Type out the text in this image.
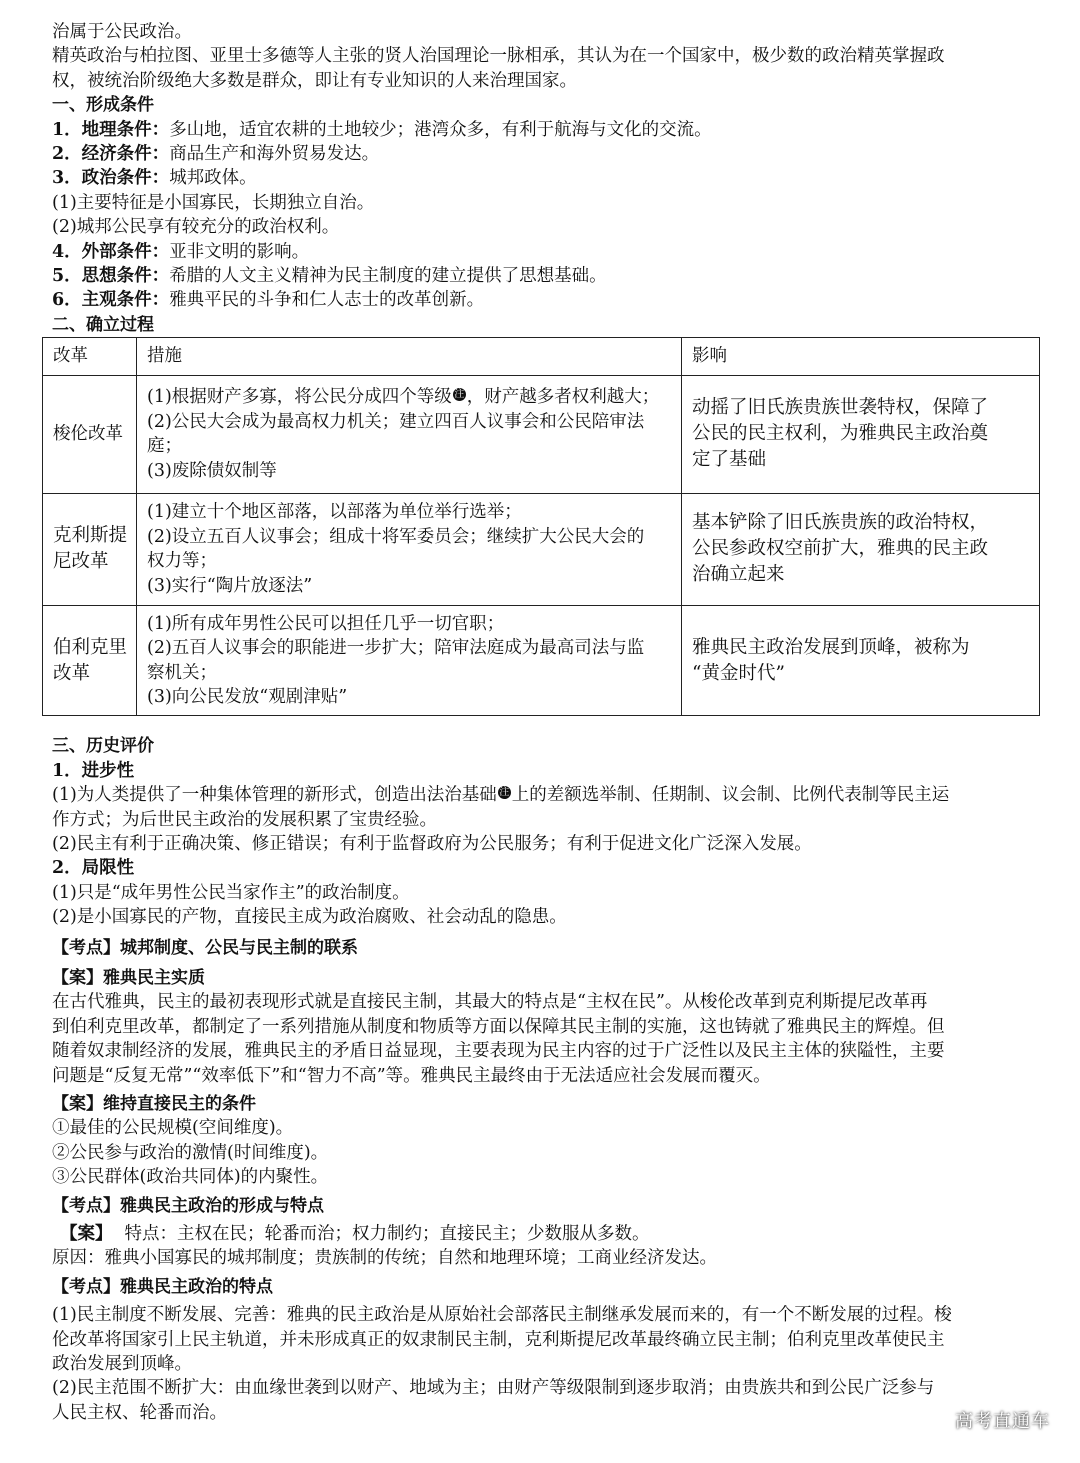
治属于公民政治。
精英政治与柏拉图、亚里士多德等人主张的贤人治国理论一脉相承，其认为在一个国家中，极少数的政治精英掌握政
权，被统治阶级绝大多数是群众，即让有专业知识的人来治理国家。
一、形成条件
1．地理条件：多山地，适宜农耕的土地较少；港湾众多，有利于航海与文化的交流。
2．经济条件：商品生产和海外贸易发达。
3．政治条件：城邦政体。
(1)主要特征是小国寡民，长期独立自治。
(2)城邦公民享有较充分的政治权利。
4．外部条件：亚非文明的影响。
5．思想条件：希腊的人文主义精神为民主制度的建立提供了思想基础。
6．主观条件：雅典平民的斗争和仁人志士的改革创新。
二、确立过程
改革	措施	影响

梭伦改革	(1)根据财产多寡，将公民分成四个等级 注 ，财产越多者权利越大；
(2)公民大会成为最高权力机关；建立四百人议事会和公民陪审法
庭；
(3)废除债奴制等	动摇了旧氏族贵族世袭特权，保障了
公民的民主权利，为雅典民主政治奠
定了基础

克利斯提
尼改革	(1)建立十个地区部落，以部落为单位举行选举；
(2)设立五百人议事会；组成十将军委员会；继续扩大公民大会的
权力等；
(3)实行“陶片放逐法”	基本铲除了旧氏族贵族的政治特权，
公民参政权空前扩大，雅典的民主政
治确立起来

伯利克里
改革	(1)所有成年男性公民可以担任几乎一切官职；
(2)五百人议事会的职能进一步扩大；陪审法庭成为最高司法与监
察机关；
(3)向公民发放“观剧津贴”	雅典民主政治发展到顶峰，被称为
“黄金时代”
三、历史评价
1．进步性
(1)为人类提供了一种集体管理的新形式，创造出法治基础 注 上的差额选举制、任期制、议会制、比例代表制等民主运
作方式；为后世民主政治的发展积累了宝贵经验。
(2)民主有利于正确决策、修正错误；有利于监督政府为公民服务；有利于促进文化广泛深入发展。
2．局限性
(1)只是“成年男性公民当家作主”的政治制度。
(2)是小国寡民的产物，直接民主成为政治腐败、社会动乱的隐患。
【考点】城邦制度、公民与民主制的联系
【案】雅典民主实质
在古代雅典，民主的最初表现形式就是直接民主制，其最大的特点是“主权在民”。从梭伦改革到克利斯提尼改革再
到伯利克里改革，都制定了一系列措施从制度和物质等方面以保障其民主制的实施，这也铸就了雅典民主的辉煌。但
随着奴隶制经济的发展，雅典民主的矛盾日益显现，主要表现为民主内容的过于广泛性以及民主主体的狭隘性，主要
问题是“反复无常”“效率低下”和“智力不高”等。雅典民主最终由于无法适应社会发展而覆灭。
【案】维持直接民主的条件
①最佳的公民规模(空间维度)。
②公民参与政治的激情(时间维度)。
③公民群体(政治共同体)的内聚性。
【考点】雅典民主政治的形成与特点
【案】 特点：主权在民；轮番而治；权力制约；直接民主；少数服从多数。
原因：雅典小国寡民的城邦制度；贵族制的传统；自然和地理环境；工商业经济发达。
【考点】雅典民主政治的特点
(1)民主制度不断发展、完善：雅典的民主政治是从原始社会部落民主制继承发展而来的，有一个不断发展的过程。梭
伦改革将国家引上民主轨道，并未形成真正的奴隶制民主制，克利斯提尼改革最终确立民主制；伯利克里改革使民主
政治发展到顶峰。
(2)民主范围不断扩大：由血缘世袭到以财产、地域为主；由财产等级限制到逐步取消；由贵族共和到公民广泛参与
人民主权、轮番而治。	高考直通车
